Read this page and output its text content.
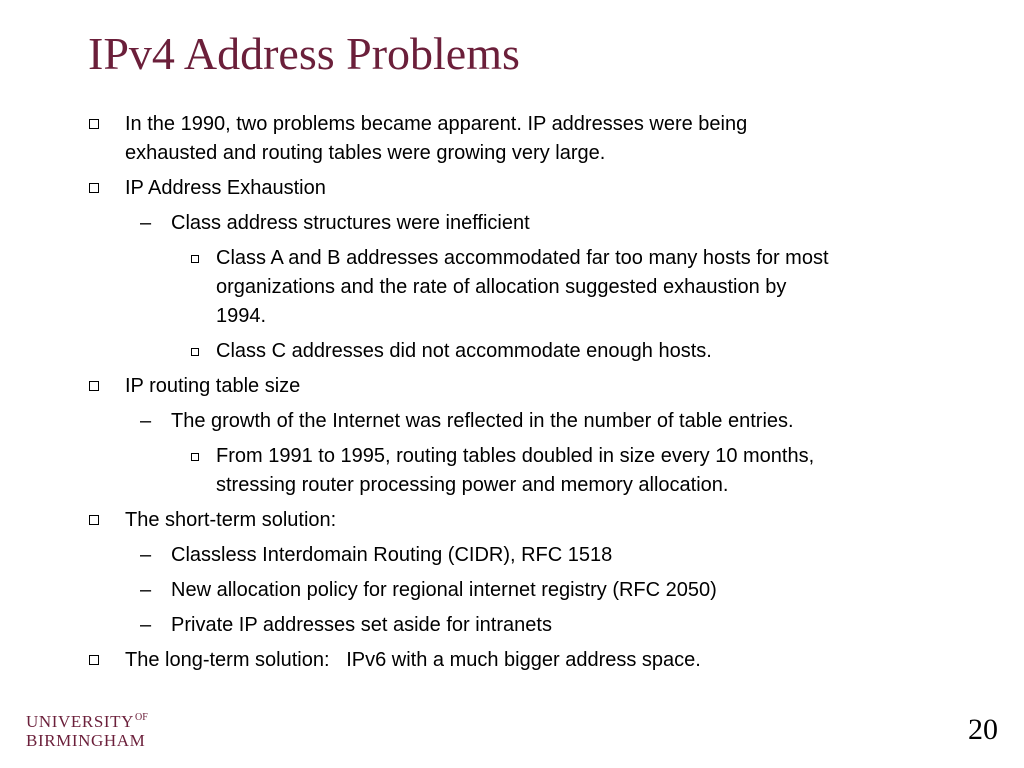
IPv4 Address Problems
In the 1990, two problems became apparent. IP addresses were being
exhausted and routing tables were growing very large.
IP Address Exhaustion
– Class address structures were inefficient
Class A and B addresses accommodated far too many hosts for most
organizations and the rate of allocation suggested exhaustion by
1994.
Class C addresses did not accommodate enough hosts.
IP routing table size
– The growth of the Internet was reflected in the number of table entries.
From 1991 to 1995, routing tables doubled in size every 10 months,
stressing router processing power and memory allocation.
The short-term solution:
– Classless Interdomain Routing (CIDR), RFC 1518
– New allocation policy for regional internet registry (RFC 2050)
– Private IP addresses set aside for intranets
The long-term solution:   IPv6 with a much bigger address space.
$UNIVERSITY^{OF}$
BIRMINGHAM	20
